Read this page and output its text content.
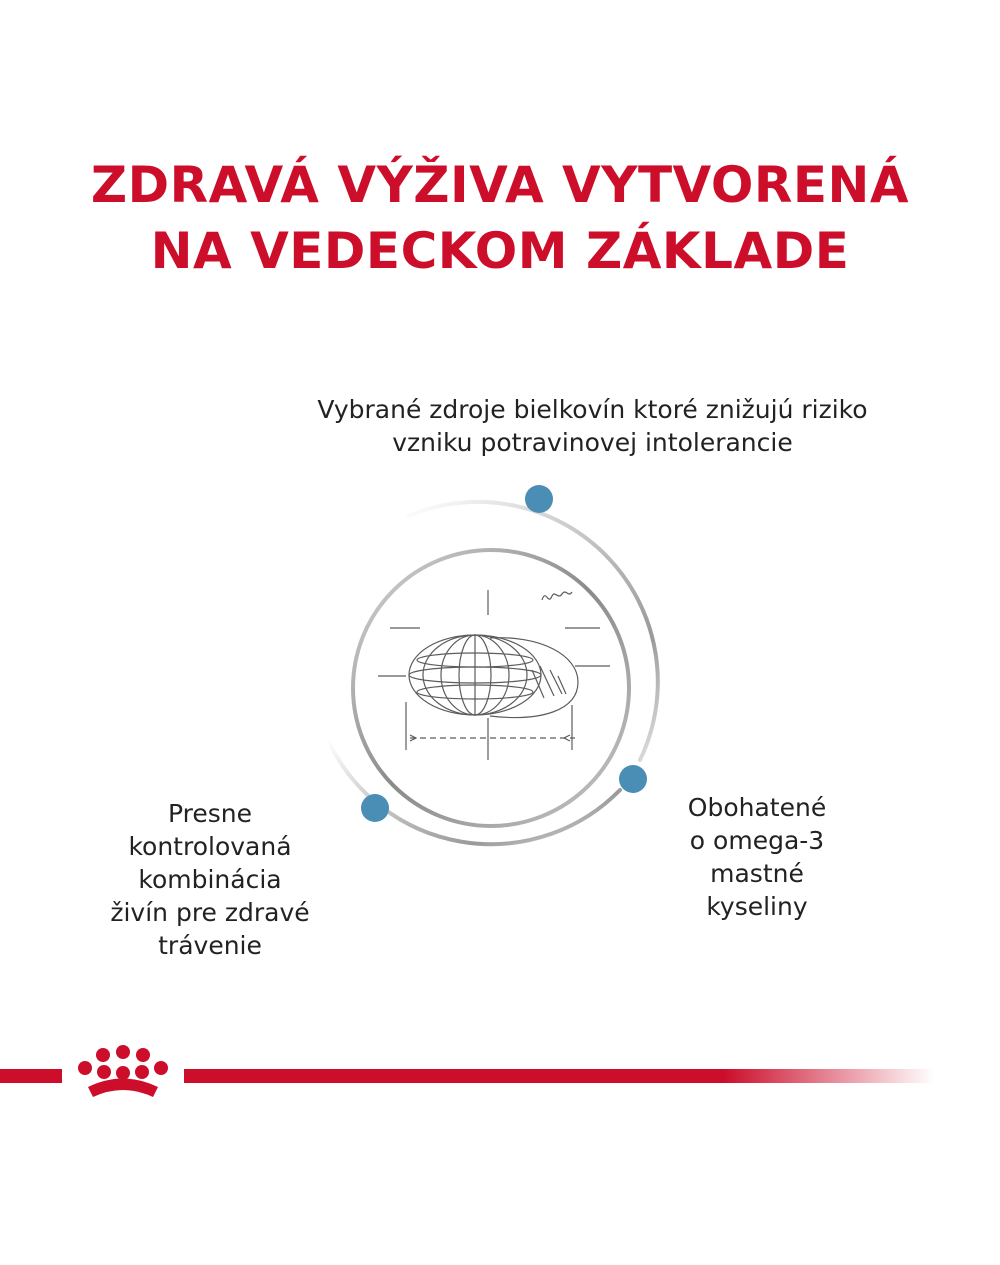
ZDRAVÁ VÝŽIVA VYTVORENÁ
NA VEDECKOM ZÁKLADE
Vybrané zdroje bielkovín ktoré znižujú riziko
vzniku potravinovej intolerancie
Presne
kontrolovaná
kombinácia
živín pre zdravé
trávenie
Obohatené
o omega-3
mastné
kyseliny
